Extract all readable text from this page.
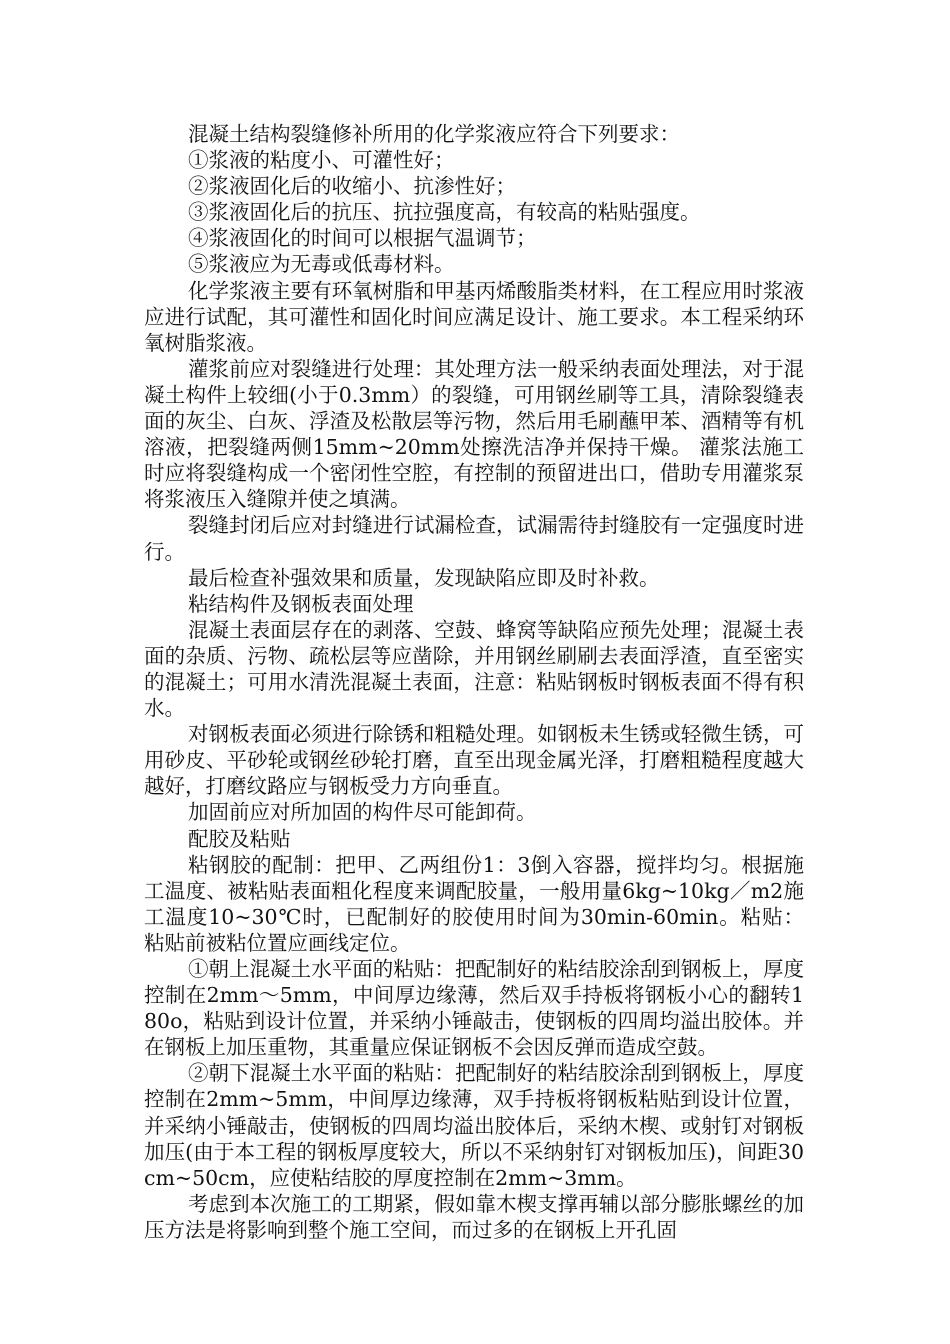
混凝土结构裂缝修补所用的化学浆液应符合下列要求：

①浆液的粘度小、可灌性好；

②浆液固化后的收缩小、抗渗性好；

③浆液固化后的抗压、抗拉强度高，有较高的粘贴强度。

④浆液固化的时间可以根据气温调节；

⑤浆液应为无毒或低毒材料。

化学浆液主要有环氧树脂和甲基丙烯酸脂类材料，在工程应用时浆液应进行试配，其可灌性和固化时间应满足设计、施工要求。本工程采纳环氧树脂浆液。

灌浆前应对裂缝进行处理：其处理方法一般采纳表面处理法，对于混凝土构件上较细(小于0.3mm）的裂缝，可用钢丝刷等工具，清除裂缝表面的灰尘、白灰、浮渣及松散层等污物，然后用毛刷蘸甲苯、酒精等有机溶液，把裂缝两侧15mm~20mm处擦洗洁净并保持干燥。 灌浆法施工时应将裂缝构成一个密闭性空腔，有控制的预留进出口，借助专用灌浆泵将浆液压入缝隙并使之填满。

裂缝封闭后应对封缝进行试漏检查，试漏需待封缝胶有一定强度时进行。

最后检查补强效果和质量，发现缺陷应即及时补救。

粘结构件及钢板表面处理

混凝土表面层存在的剥落、空鼓、蜂窝等缺陷应预先处理；混凝土表面的杂质、污物、疏松层等应凿除，并用钢丝刷刷去表面浮渣，直至密实的混凝土；可用水清洗混凝土表面，注意：粘贴钢板时钢板表面不得有积水。

对钢板表面必须进行除锈和粗糙处理。如钢板未生锈或轻微生锈，可用砂皮、平砂轮或钢丝砂轮打磨，直至出现金属光泽，打磨粗糙程度越大越好，打磨纹路应与钢板受力方向垂直。

加固前应对所加固的构件尽可能卸荷。

配胶及粘贴

粘钢胶的配制：把甲、乙两组份1：3倒入容器，搅拌均匀。根据施工温度、被粘贴表面粗化程度来调配胶量，一般用量6kg~10kg／m2施工温度10~30℃时，已配制好的胶使用时间为30min-60min。粘贴：粘贴前被粘位置应画线定位。

①朝上混凝土水平面的粘贴：把配制好的粘结胶涂刮到钢板上，厚度控制在2mm～5mm，中间厚边缘薄，然后双手持板将钢板小心的翻转180o，粘贴到设计位置，并采纳小锤敲击，使钢板的四周均溢出胶体。并在钢板上加压重物，其重量应保证钢板不会因反弹而造成空鼓。

②朝下混凝土水平面的粘贴：把配制好的粘结胶涂刮到钢板上，厚度控制在2mm~5mm，中间厚边缘薄，双手持板将钢板粘贴到设计位置，并采纳小锤敲击，使钢板的四周均溢出胶体后，采纳木楔、或射钉对钢板加压(由于本工程的钢板厚度较大，所以不采纳射钉对钢板加压)，间距30cm~50cm，应使粘结胶的厚度控制在2mm~3mm。

考虑到本次施工的工期紧，假如靠木楔支撑再辅以部分膨胀螺丝的加压方法是将影响到整个施工空间，而过多的在钢板上开孔固
